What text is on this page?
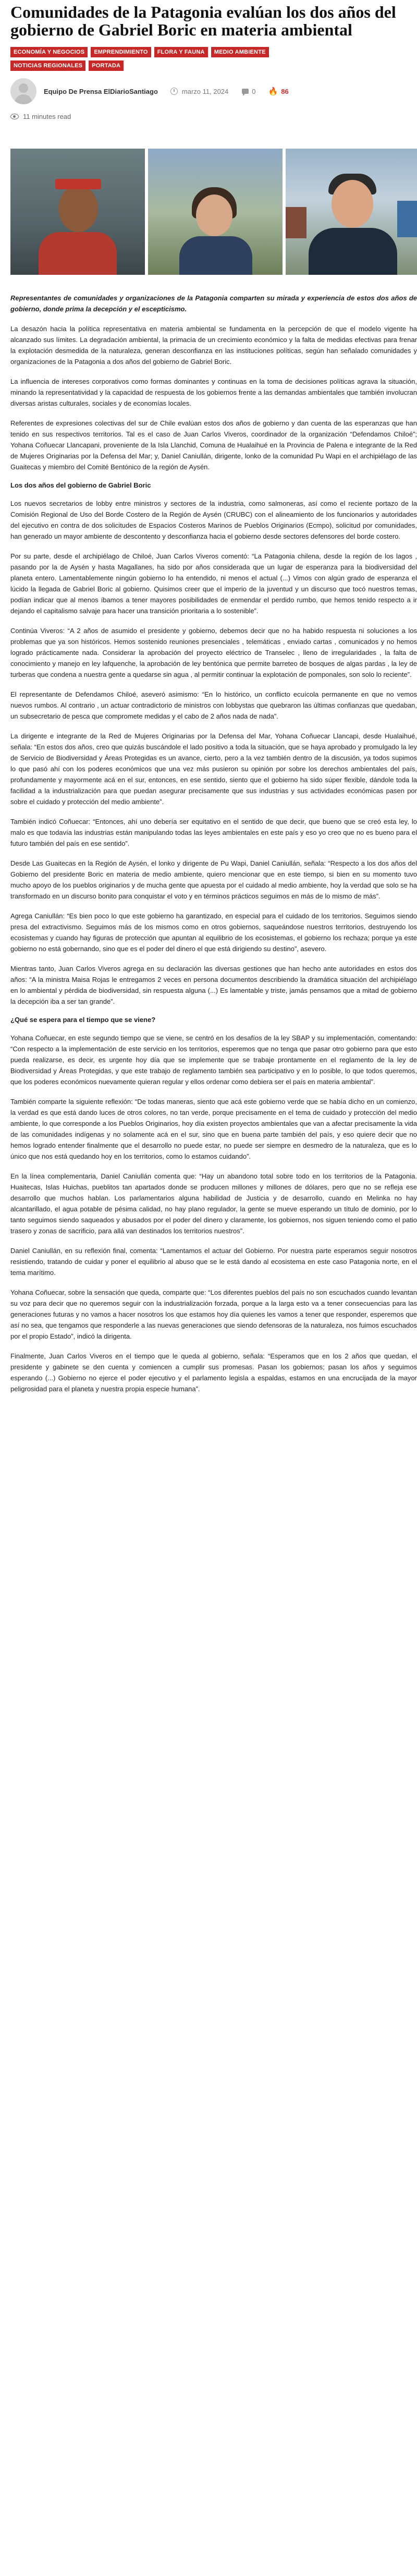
Comunidades de la Patagonia evalúan los dos años del gobierno de Gabriel Boric en materia ambiental
ECONOMÍA Y NEGOCIOS	EMPRENDIMIENTO	FLORA Y FAUNA	MEDIO AMBIENTE
NOTICIAS REGIONALES	PORTADA
Equipo De Prensa ElDiarioSantiago	marzo 11, 2024	0 🔥 86
11 minutes read

Representantes de comunidades y organizaciones de la Patagonia comparten su mirada y experiencia de estos dos años de gobierno, donde prima la decepción y el escepticismo.

La desazón hacia la política representativa en materia ambiental se fundamenta en la percepción de que el modelo vigente ha alcanzado sus límites. La degradación ambiental, la primacía de un crecimiento económico y la falta de medidas efectivas para frenar la explotación desmedida de la naturaleza, generan desconfianza en las instituciones políticas, según han señalado comunidades y organizaciones de la Patagonia a dos años del gobierno de Gabriel Boric.

La influencia de intereses corporativos como formas dominantes y continuas en la toma de decisiones políticas agrava la situación, minando la representatividad y la capacidad de respuesta de los gobiernos frente a las demandas ambientales que también involucran diversas aristas culturales, sociales y de economías locales.

Referentes de expresiones colectivas del sur de Chile evalúan estos dos años de gobierno y dan cuenta de las esperanzas que han tenido en sus respectivos territorios. Tal es el caso de Juan Carlos Viveros, coordinador de la organización “Defendamos Chiloé”; Yohana Coñuecar Llancapani, proveniente de la Isla Llanchid, Comuna de Hualaihué en la Provincia de Palena e integrante de la Red de Mujeres Originarias por la Defensa del Mar; y, Daniel Caniullán, dirigente, lonko de la comunidad Pu Wapi en el archipiélago de las Guaitecas y miembro del Comité Bentónico de la región de Aysén.

Los dos años del gobierno de Gabriel Boric

Los nuevos secretarios de lobby entre ministros y sectores de la industria, como salmoneras, así como el reciente portazo de la Comisión Regional de Uso del Borde Costero de la Región de Aysén (CRUBC) con el alineamiento de los funcionarios y autoridades del ejecutivo en contra de dos solicitudes de Espacios Costeros Marinos de Pueblos Originarios (Ecmpo), solicitud por comunidades, han generado un mayor ambiente de descontento y desconfianza hacia el gobierno desde sectores defensores del borde costero.

Por su parte, desde el archipiélago de Chiloé, Juan Carlos Viveros comentó: “La Patagonia chilena, desde la región de los lagos , pasando por la de Aysén y hasta Magallanes, ha sido por años considerada que un lugar de esperanza para la biodiversidad del planeta entero. Lamentablemente ningún gobierno lo ha entendido, ni menos el actual (...) Vimos con algún grado de esperanza el lúcido la llegada de Gabriel Boric al gobierno. Quisimos creer que el imperio de la juventud y un discurso que tocó nuestros temas, podían indicar que al menos íbamos a tener mayores posibilidades de enmendar el perdido rumbo, que hemos tenido respecto a ir dejando el capitalismo salvaje para hacer una transición prioritaria a lo sostenible”.

Continúa Viveros: “A 2 años de asumido el presidente y gobierno, debemos decir que no ha habido respuesta ni soluciones a los problemas que ya son históricos. Hemos sostenido reuniones presenciales , telemáticas , enviado cartas , comunicados y no hemos logrado prácticamente nada. Considerar la aprobación del proyecto eléctrico de Transelec , lleno de irregularidades , la falta de conocimiento y manejo en ley lafquenche, la aprobación de ley bentónica que permite barreteo de bosques de algas pardas , la ley de turberas que condena a nuestra gente a quedarse sin agua , al permitir continuar la explotación de pomponales, son solo lo reciente”.

El representante de Defendamos Chiloé, aseveró asimismo: “En lo histórico, un conflicto ecuícola permanente en que no vemos nuevos rumbos. Al contrario , un actuar contradictorio de ministros con lobbystas que quebraron las últimas confianzas que quedaban, un subsecretario de pesca que compromete medidas y el cabo de 2 años nada de nada”.

La dirigente e integrante de la Red de Mujeres Originarias por la Defensa del Mar, Yohana Coñuecar Llancapi, desde Hualaihué, señala: “En estos dos años, creo que quizás buscándole el lado positivo a toda la situación, que se haya aprobado y promulgado la ley de Servicio de Biodiversidad y Áreas Protegidas es un avance, cierto, pero a la vez también dentro de la discusión, ya todos supimos lo que pasó ahí con los poderes económicos que una vez más pusieron su opinión por sobre los derechos ambientales del país, profundamente y mayormente acá en el sur, entonces, en ese sentido, siento que el gobierno ha sido súper flexible, dándole toda la facilidad a la industrialización para que puedan asegurar precisamente que sus industrias y sus actividades económicas pasen por sobre el cuidado y protección del medio ambiente”.

También indicó Coñuecar: “Entonces, ahí uno debería ser equitativo en el sentido de que decir, que bueno que se creó esta ley, lo malo es que todavía las industrias están manipulando todas las leyes ambientales en este país y eso yo creo que no es bueno para el futuro también del país en ese sentido”.

Desde Las Guaitecas en la Región de Aysén, el lonko y dirigente de Pu Wapi, Daniel Caniullán, señala: “Respecto a los dos años del Gobierno del presidente Boric en materia de medio ambiente, quiero mencionar que en este tiempo, si bien en su momento tuvo mucho apoyo de los pueblos originarios y de mucha gente que apuesta por el cuidado al medio ambiente, hoy la verdad que solo se ha transformado en un discurso bonito para conquistar el voto y en términos prácticos seguimos en más de lo mismo de más”.

Agrega Caniullán: “Es bien poco lo que este gobierno ha garantizado, en especial para el cuidado de los territorios. Seguimos siendo presa del extractivismo. Seguimos más de los mismos como en otros gobiernos, saqueándose nuestros territorios, destruyendo los ecosistemas y cuando hay figuras de protección que apuntan al equilibrio de los ecosistemas, el gobierno los rechaza; porque ya este gobierno no está gobernando, sino que es el poder del dinero el que está dirigiendo su destino”, asevero.

Mientras tanto, Juan Carlos Viveros agrega en su declaración las diversas gestiones que han hecho ante autoridades en estos dos años: “A la ministra Maisa Rojas le entregamos 2 veces en persona documentos describiendo la dramática situación del archipiélago en lo ambiental y pérdida de biodiversidad, sin respuesta alguna (...) Es lamentable y triste, jamás pensamos que a mitad de gobierno la decepción iba a ser tan grande”.

¿Qué se espera para el tiempo que se viene?

Yohana Coñuecar, en este segundo tiempo que se viene, se centró en los desafíos de la ley SBAP y su implementación, comentando: “Con respecto a la implementación de este servicio en los territorios, esperemos que no tenga que pasar otro gobierno para que esto pueda realizarse, es decir, es urgente hoy día que se implemente que se trabaje prontamente en el reglamento de la ley de Biodiversidad y Áreas Protegidas, y que este trabajo de reglamento también sea participativo y en lo posible, lo que todos queremos, que los poderes económicos nuevamente quieran regular y ellos ordenar como debiera ser el país en materia ambiental”.

También comparte la siguiente reflexión: “De todas maneras, siento que acá este gobierno verde que se había dicho en un comienzo, la verdad es que está dando luces de otros colores, no tan verde, porque precisamente en el tema de cuidado y protección del medio ambiente, lo que corresponde a los Pueblos Originarios, hoy día existen proyectos ambientales que van a afectar precisamente la vida de las comunidades indígenas y no solamente acá en el sur, sino que en buena parte también del país, y eso quiere decir que no hemos logrado entender finalmente que el desarrollo no puede estar, no puede ser siempre en desmedro de la naturaleza, que es lo único que nos está quedando hoy en los territorios, como lo estamos cuidando”.

En la línea complementaria, Daniel Caniullán comenta que: “Hay un abandono total sobre todo en los territorios de la Patagonia. Huaitecas, Islas Huichas, pueblitos tan apartados donde se producen millones y millones de dólares, pero que no se refleja ese desarrollo que muchos hablan. Los parlamentarios alguna habilidad de Justicia y de desarrollo, cuando en Melinka no hay alcantarillado, el agua potable de pésima calidad, no hay plano regulador, la gente se mueve esperando un título de dominio, por lo tanto seguimos siendo saqueados y abusados por el poder del dinero y claramente, los gobiernos, nos siguen teniendo como el patio trasero y zonas de sacrificio, para allá van destinados los territorios nuestros”.

Daniel Caniullán, en su reflexión final, comenta: “Lamentamos el actuar del Gobierno. Por nuestra parte esperamos seguir nosotros resistiendo, tratando de cuidar y poner el equilibrio al abuso que se le está dando al ecosistema en este caso Patagonia norte, en el tema marítimo.

Yohana Coñuecar, sobre la sensación que queda, comparte que: “Los diferentes pueblos del país no son escuchados cuando levantan su voz para decir que no queremos seguir con la industrialización forzada, porque a la larga esto va a tener consecuencias para las generaciones futuras y no vamos a hacer nosotros los que estamos hoy día quienes les vamos a tener que responder, esperemos que así no sea, que tengamos que responderle a las nuevas generaciones que siendo defensoras de la naturaleza, nos fuimos escuchados por el propio Estado”, indicó la dirigenta.

Finalmente, Juan Carlos Viveros en el tiempo que le queda al gobierno, señala: “Esperamos que en los 2 años que quedan, el presidente y gabinete se den cuenta y comiencen a cumplir sus promesas. Pasan los gobiernos; pasan los años y seguimos esperando (...) Gobierno no ejerce el poder ejecutivo y el parlamento legisla a espaldas, estamos en una encrucijada de la mayor peligrosidad para el planeta y nuestra propia especie humana”.
